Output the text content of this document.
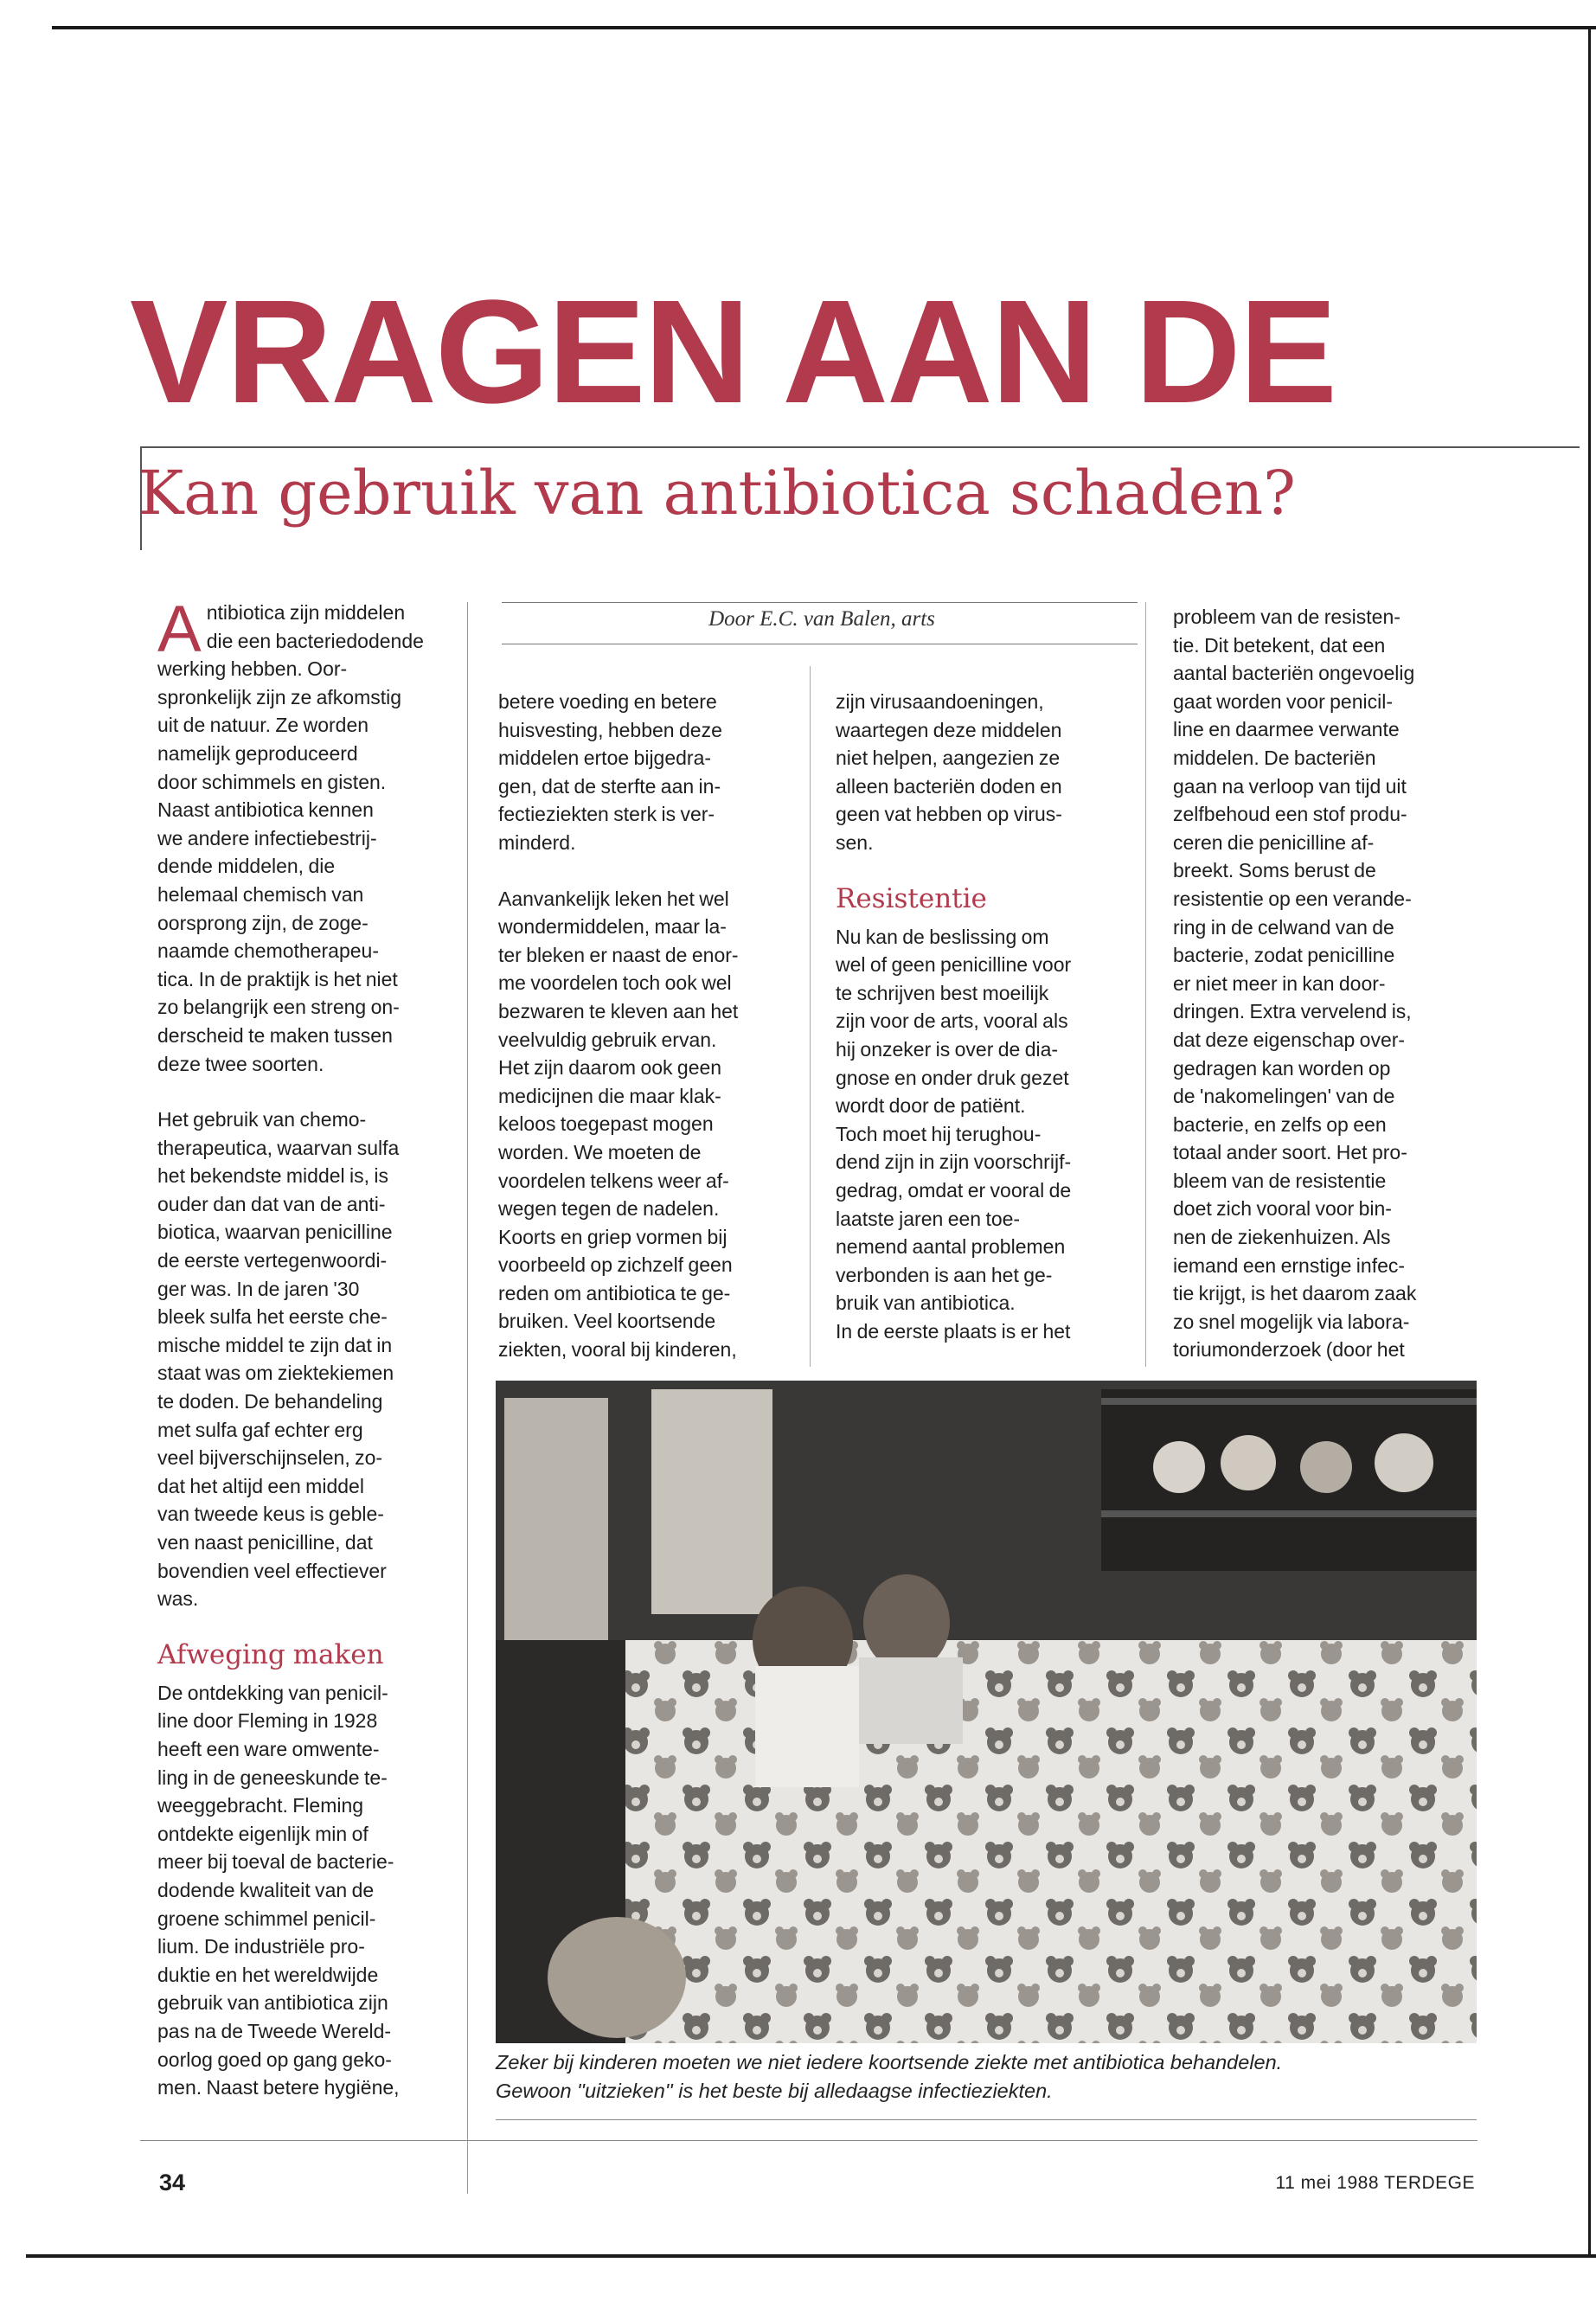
VRAGEN AAN DE
Kan gebruik van antibiotica schaden?

Door E.C. van Balen, arts

A ntibiotica zijn middelen
die een bacteriedodende
werking hebben. Oor-
spronkelijk zijn ze afkomstig
uit de natuur. Ze worden
namelijk geproduceerd
door schimmels en gisten.
Naast antibiotica kennen
we andere infectiebestrij-
dende middelen, die
helemaal chemisch van
oorsprong zijn, de zoge-
naamde chemotherapeu-
tica. In de praktijk is het niet
zo belangrijk een streng on-
derscheid te maken tussen
deze twee soorten.

Het gebruik van chemo-
therapeutica, waarvan sulfa
het bekendste middel is, is
ouder dan dat van de anti-
biotica, waarvan penicilline
de eerste vertegenwoordi-
ger was. In de jaren '30
bleek sulfa het eerste che-
mische middel te zijn dat in
staat was om ziektekiemen
te doden. De behandeling
met sulfa gaf echter erg
veel bijverschijnselen, zo-
dat het altijd een middel
van tweede keus is geble-
ven naast penicilline, dat
bovendien veel effectiever
was.

Afweging maken

De ontdekking van penicil-
line door Fleming in 1928
heeft een ware omwente-
ling in de geneeskunde te-
weeggebracht. Fleming
ontdekte eigenlijk min of
meer bij toeval de bacterie-
dodende kwaliteit van de
groene schimmel penicil-
lium. De industriële pro-
duktie en het wereldwijde
gebruik van antibiotica zijn
pas na de Tweede Wereld-
oorlog goed op gang geko-
men. Naast betere hygiëne,

betere voeding en betere
huisvesting, hebben deze
middelen ertoe bijgedra-
gen, dat de sterfte aan in-
fectieziekten sterk is ver-
minderd.

Aanvankelijk leken het wel
wondermiddelen, maar la-
ter bleken er naast de enor-
me voordelen toch ook wel
bezwaren te kleven aan het
veelvuldig gebruik ervan.
Het zijn daarom ook geen
medicijnen die maar klak-
keloos toegepast mogen
worden. We moeten de
voordelen telkens weer af-
wegen tegen de nadelen.
Koorts en griep vormen bij
voorbeeld op zichzelf geen
reden om antibiotica te ge-
bruiken. Veel koortsende
ziekten, vooral bij kinderen,

zijn virusaandoeningen,
waartegen deze middelen
niet helpen, aangezien ze
alleen bacteriën doden en
geen vat hebben op virus-
sen.

Resistentie

Nu kan de beslissing om
wel of geen penicilline voor
te schrijven best moeilijk
zijn voor de arts, vooral als
hij onzeker is over de dia-
gnose en onder druk gezet
wordt door de patiënt.
Toch moet hij terughou-
dend zijn in zijn voorschrijf-
gedrag, omdat er vooral de
laatste jaren een toe-
nemend aantal problemen
verbonden is aan het ge-
bruik van antibiotica.
In de eerste plaats is er het

probleem van de resisten-
tie. Dit betekent, dat een
aantal bacteriën ongevoelig
gaat worden voor penicil-
line en daarmee verwante
middelen. De bacteriën
gaan na verloop van tijd uit
zelfbehoud een stof produ-
ceren die penicilline af-
breekt. Soms berust de
resistentie op een verande-
ring in de celwand van de
bacterie, zodat penicilline
er niet meer in kan door-
dringen. Extra vervelend is,
dat deze eigenschap over-
gedragen kan worden op
de 'nakomelingen' van de
bacterie, en zelfs op een
totaal ander soort. Het pro-
bleem van de resistentie
doet zich vooral voor bin-
nen de ziekenhuizen. Als
iemand een ernstige infec-
tie krijgt, is het daarom zaak
zo snel mogelijk via labora-
toriumonderzoek (door het

Zeker bij kinderen moeten we niet iedere koortsende ziekte met antibiotica behandelen.
Gewoon ''uitzieken'' is het beste bij alledaagse infectieziekten.

34	11 mei 1988 TERDEGE
